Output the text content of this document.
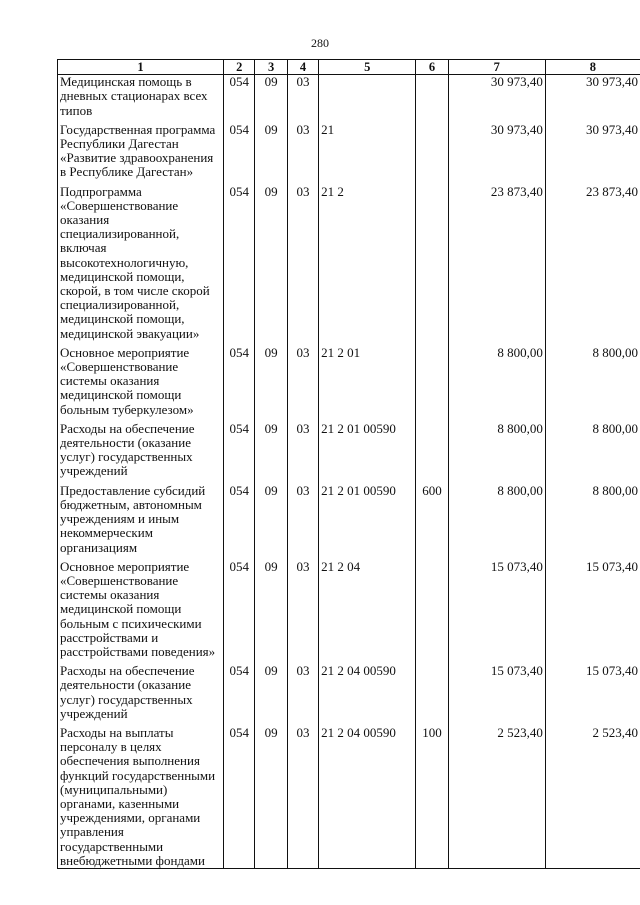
280
1	2	3	4	5	6	7	8
Медицинская помощь в дневных стационарах всех типов	054	09	03			30 973,40	30 973,40

Государственная программа Республики Дагестан «Развитие здравоохранения в Республике Дагестан»	054	09	03	21		30 973,40	30 973,40

Подпрограмма «Совершенствование оказания специализированной, включая высокотехнологичную, медицинской помощи, скорой, в том числе скорой специализированной, медицинской помощи, медицинской эвакуации»	054	09	03	21 2		23 873,40	23 873,40

Основное мероприятие «Совершенствование системы оказания медицинской помощи больным туберкулезом»	054	09	03	21 2 01		8 800,00	8 800,00

Расходы на обеспечение деятельности (оказание услуг) государственных учреждений	054	09	03	21 2 01 00590		8 800,00	8 800,00

Предоставление субсидий бюджетным, автономным учреждениям и иным некоммерческим организациям	054	09	03	21 2 01 00590	600	8 800,00	8 800,00

Основное мероприятие «Совершенствование системы оказания медицинской помощи больным с психическими расстройствами и расстройствами поведения»	054	09	03	21 2 04		15 073,40	15 073,40

Расходы на обеспечение деятельности (оказание услуг) государственных учреждений	054	09	03	21 2 04 00590		15 073,40	15 073,40

Расходы на выплаты персоналу в целях обеспечения выполнения функций государственными (муниципальными) органами, казенными учреждениями, органами управления государственными внебюджетными фондами	054	09	03	21 2 04 00590	100	2 523,40	2 523,40
